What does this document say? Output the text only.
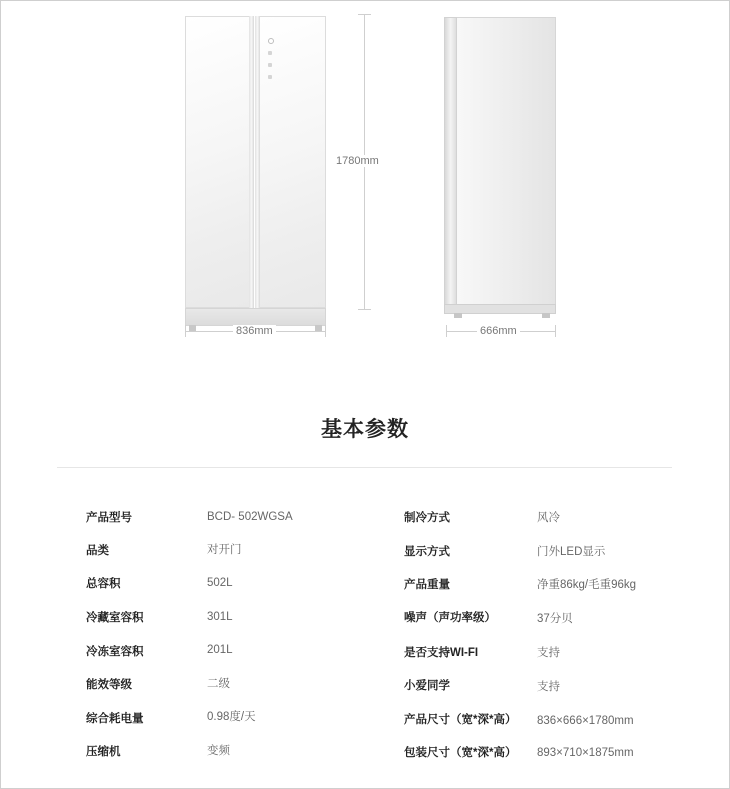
1780mm
836mm	666mm
基本参数
产品型号	BCD- 502WGSA
品类	对开门
总容积	502L
冷藏室容积	301L
冷冻室容积	201L
能效等级	二级
综合耗电量	0.98度/天
压缩机	变频
制冷方式	风冷
显示方式	门外LED显示
产品重量	净重86kg/毛重96kg
噪声（声功率级）	37分贝
是否支持WI-FI	支持
小爱同学	支持
产品尺寸（宽*深*高） 836×666×1780mm
包装尺寸（宽*深*高） 893×710×1875mm
